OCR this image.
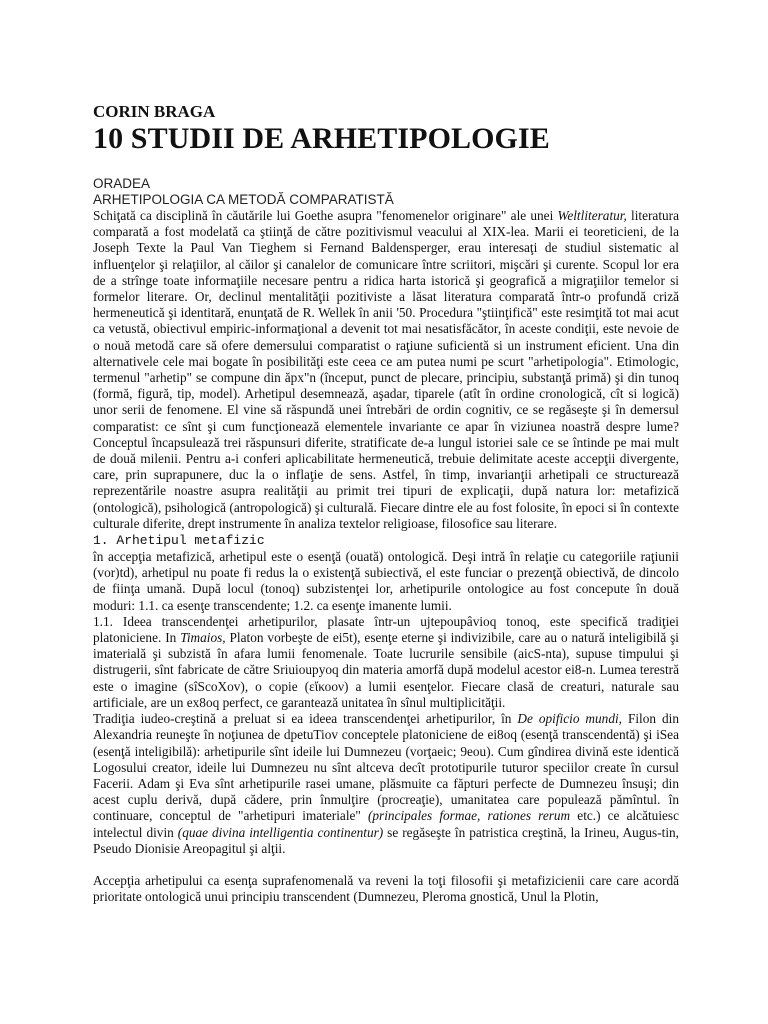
CORIN BRAGA

10 STUDII DE ARHETIPOLOGIE

ORADEA

ARHETIPOLOGIA CA METODĂ COMPARATISTĂ

Schiţată ca disciplină în căutările lui Goethe asupra "fenomenelor originare" ale unei Weltliteratur, literatura comparată a fost modelată ca ştiinţă de către pozitivismul veacului al XIX-lea. Marii ei teoreticieni, de la Joseph Texte la Paul Van Tieghem si Fernand Baldensperger, erau interesaţi de studiul sistematic al influenţelor şi relaţiilor, al căilor şi canalelor de comunicare între scriitori, mişcări şi curente. Scopul lor era de a strînge toate informaţiile necesare pentru a ridica harta istorică şi geografică a migraţiilor temelor si formelor literare. Or, declinul mentalităţii pozitiviste a lăsat literatura comparată într-o profundă criză hermeneutică şi identitară, enunţată de R. Wellek în anii '50. Procedura "ştiinţifică" este resimţită tot mai acut ca vetustă, obiectivul empiric-informaţional a devenit tot mai nesatisfăcător, în aceste condiţii, este nevoie de o nouă metodă care să ofere demersului comparatist o raţiune suficientă si un instrument eficient. Una din alternativele cele mai bogate în posibilităţi este ceea ce am putea numi pe scurt "arhetipologia". Etimologic, termenul "arhetip" se compune din ăpx"n (început, punct de plecare, principiu, substanţă primă) şi din tunoq (formă, figură, tip, model). Arhetipul desemnează, aşadar, tiparele (atît în ordine cronologică, cît si logică) unor serii de fenomene. El vine să răspundă unei întrebări de ordin cognitiv, ce se regăseşte şi în demersul comparatist: ce sînt şi cum funcţionează elementele invariante ce apar în viziunea noastră despre lume? Conceptul încapsulează trei răspunsuri diferite, stratificate de-a lungul istoriei sale ce se întinde pe mai mult de două milenii. Pentru a-i conferi aplicabilitate hermeneutică, trebuie delimitate aceste accepţii divergente, care, prin suprapunere, duc la o inflaţie de sens. Astfel, în timp, invarianţii arhetipali ce structurează reprezentările noastre asupra realităţii au primit trei tipuri de explicaţii, după natura lor: metafizică (ontologică), psihologică (antropologică) şi culturală. Fiecare dintre ele au fost folosite, în epoci si în contexte culturale diferite, drept instrumente în analiza textelor religioase, filosofice sau literare.

1. Arhetipul metafizic

în accepţia metafizică, arhetipul este o esenţă (ouată) ontologică. Deşi intră în relaţie cu categoriile raţiunii (vor)td), arhetipul nu poate fi redus la o existenţă subiectivă, el este funciar o prezenţă obiectivă, de dincolo de fiinţa umană. După locul (tonoq) subzistenţei lor, arhetipurile ontologice au fost concepute în două moduri: 1.1. ca esenţe transcendente; 1.2. ca esenţe imanente lumii.

1.1. Ideea transcendenţei arhetipurilor, plasate într-un ujtepoupâvioq tonoq, este specifică tradiţiei platoniciene. In Timaios, Platon vorbeşte de ei5t), esenţe eterne şi indivizibile, care au o natură inteligibilă şi imaterială şi subzistă în afara lumii fenomenale. Toate lucrurile sensibile (aicS-nta), supuse timpului şi distrugerii, sînt fabricate de către Sriuioupyoq din materia amorfă după modelul acestor ei8-n. Lumea terestră este o imagine (sîScoXov), o copie (εἴκοον) a lumii esenţelor. Fiecare clasă de creaturi, naturale sau artificiale, are un ex8oq perfect, ce garantează unitatea în sînul multiplicităţii.

Tradiţia iudeo-creştină a preluat si ea ideea transcendenţei arhetipurilor, în De opificio mundi, Filon din Alexandria reuneşte în noţiunea de dpetuTiov conceptele platoniciene de ei8oq (esenţă transcendentă) şi iSea (esenţă inteligibilă): arhetipurile sînt ideile lui Dumnezeu (vorţaeic; 9eou). Cum gîndirea divină este identică Logosului creator, ideile lui Dumnezeu nu sînt altceva decît prototipurile tuturor speciilor create în cursul Facerii. Adam şi Eva sînt arhetipurile rasei umane, plăsmuite ca făpturi perfecte de Dumnezeu însuşi; din acest cuplu derivă, după cădere, prin înmulţire (procreaţie), umanitatea care populează pămîntul. în continuare, conceptul de "arhetipuri imateriale" (principales formae, rationes rerum etc.) ce alcătuiesc intelectul divin (quae divina intelligentia continentur) se regăseşte în patristica creştină, la Irineu, Augus-tin, Pseudo Dionisie Areopagitul şi alţii.

Accepţia arhetipului ca esenţa suprafenomenală va reveni la toţi filosofii şi metafizicienii care care acordă prioritate ontologică unui principiu transcendent (Dumnezeu, Pleroma gnostică, Unul la Plotin,
